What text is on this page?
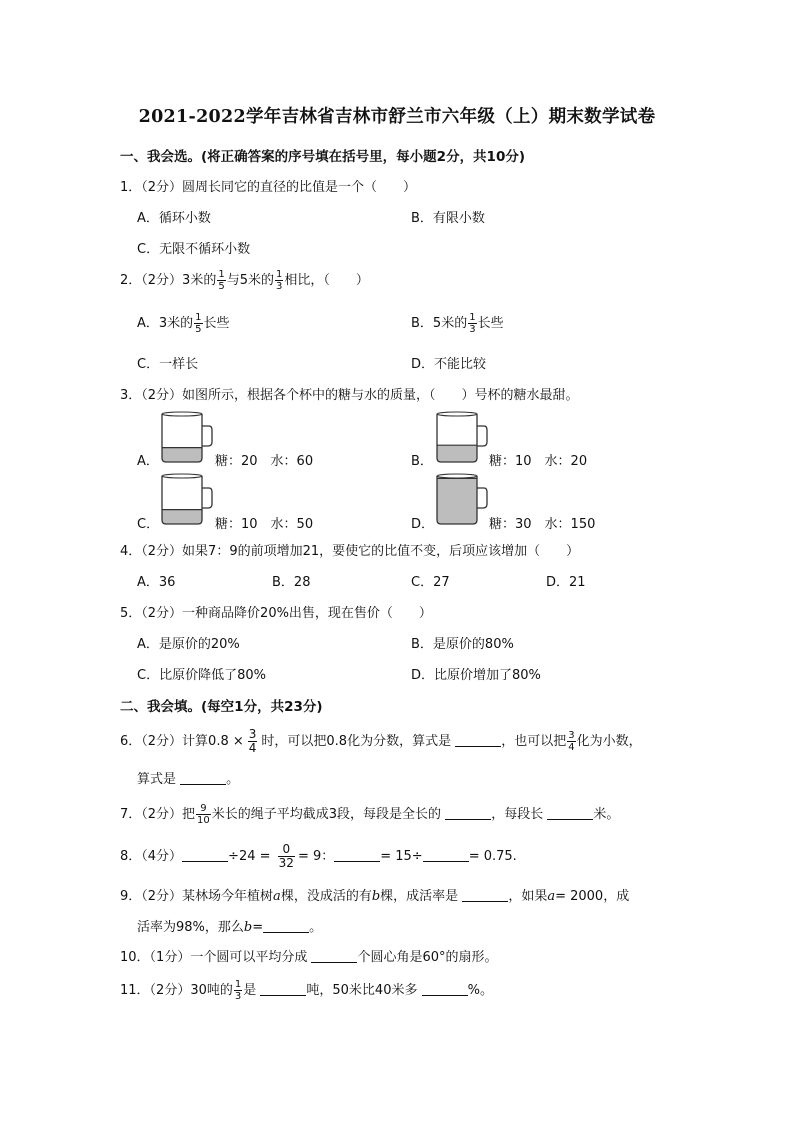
2021-2022学年吉林省吉林市舒兰市六年级（上）期末数学试卷
一、我会选。(将正确答案的序号填在括号里，每小题2分，共10分)
1．（2分）圆周长同它的直径的比值是一个（　　）
A．循环小数	B．有限小数
C．无限不循环小数
2．（2分）3米的 $\frac{1}{5}$ 与5米的 $\frac{1}{3}$ 相比，（　　）
A．3米的 $\frac{1}{5}$ 长些	B．5米的 $\frac{1}{3}$ 长些
C．一样长	D．不能比较
3．（2分）如图所示，根据各个杯中的糖与水的质量，（　　）号杯的糖水最甜。
A．	糖：20　水：60	B．	糖：10　水：20
C．	糖：10　水：50	D．	糖：30　水：150
4．（2分）如果7：9的前项增加21，要使它的比值不变，后项应该增加（　　）
A．36	B．28	C．27	D．21
5．（2分）一种商品降价20%出售，现在售价（　　）
A．是原价的20%	B．是原价的80%
C．比原价降低了80%	D．比原价增加了80%
二、我会填。(每空1分，共23分)
6．（2分）计算$0.8 \times \frac{3}{4}$ 时，可以把0.8化为分数，算式是	，也可以把 $\frac{3}{4}$ 化为小数，
算式是	。
7．（2分）把 $\frac{9}{10}$ 米长的绳子平均截成3段，每段是全长的	，每段长	米。
8．（4分）	$\div 24 = \frac{0}{32} = 9$：	= 15÷	= 0.75.
9．（2分）某林场今年植树a棵，没成活的有b棵，成活率是	，如果a= 2000，成
活率为98%，那么b=	。
10．（1分）一个圆可以平均分成	个圆心角是60°的扇形。
11．（2分）30吨的 $\frac{1}{3}$ 是	吨，50米比40米多	%。
